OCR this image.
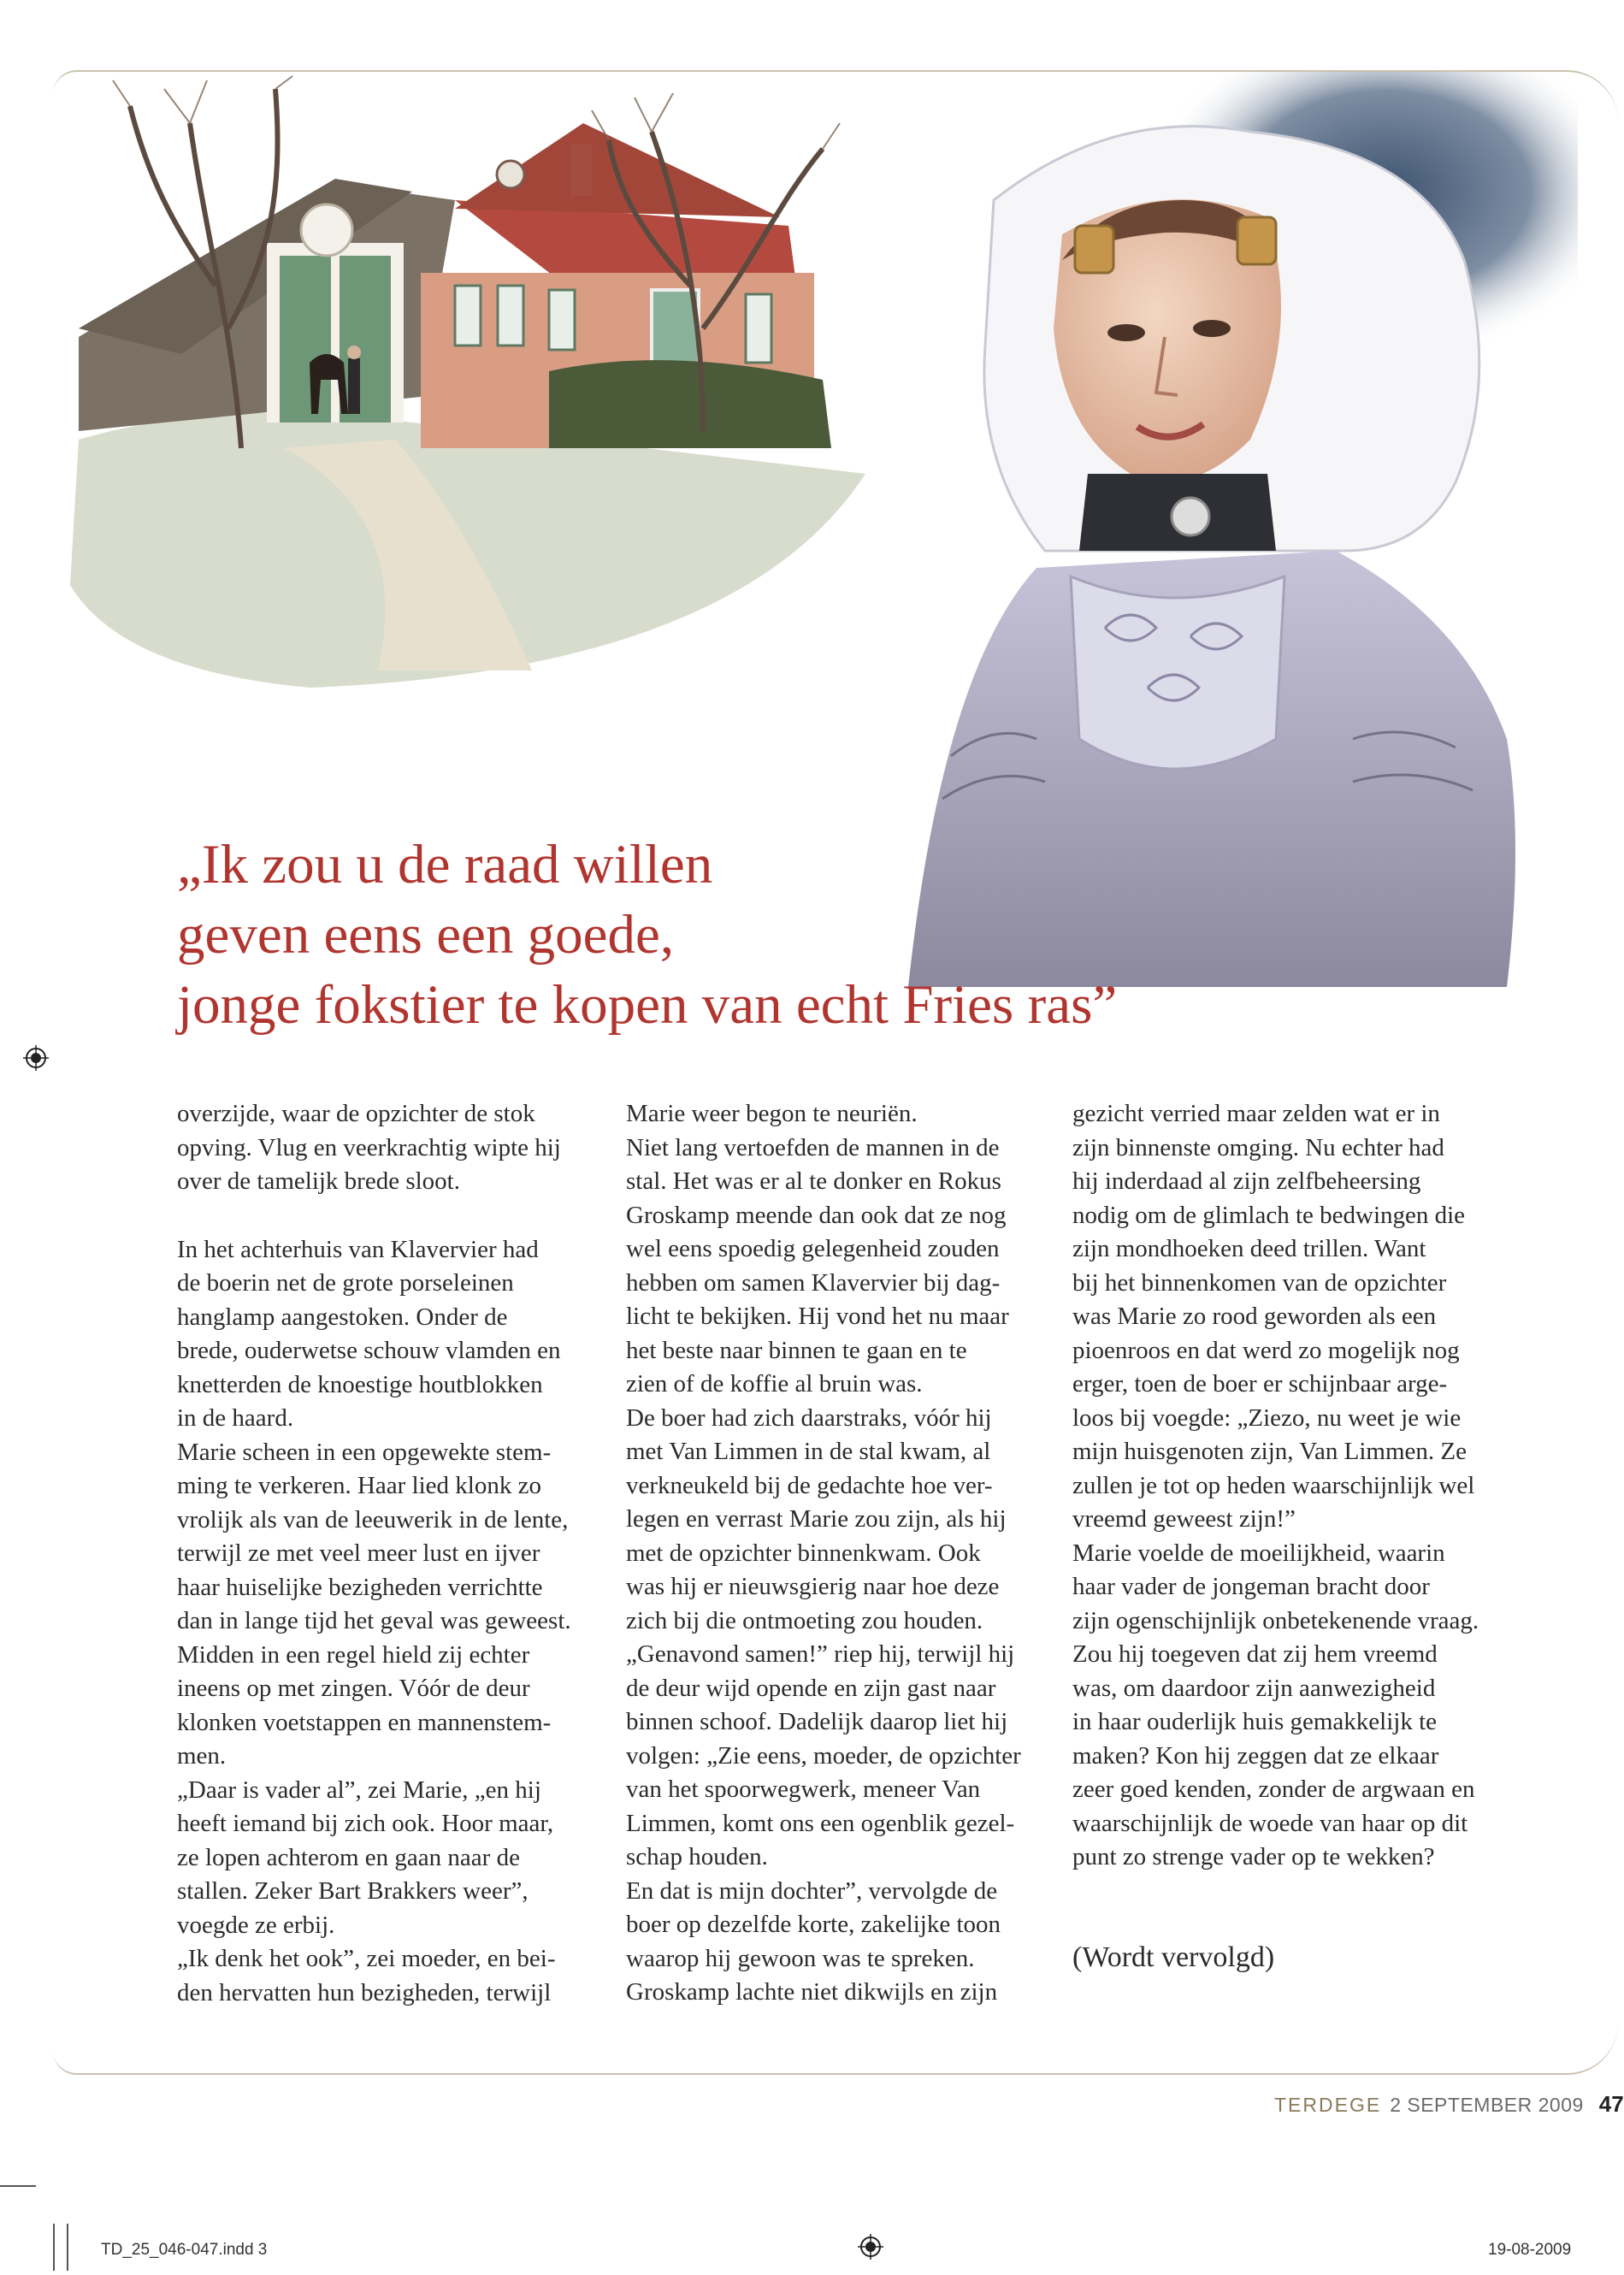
„Ik zou u de raad willen
geven eens een goede,
jonge fokstier te kopen van echt Fries ras”

overzijde, waar de opzichter de stok

opving. Vlug en veerkrachtig wipte hij

over de tamelijk brede sloot.

In het achterhuis van Klavervier had

de boerin net de grote porseleinen

hanglamp aangestoken. Onder de

brede, ouderwetse schouw vlamden en

knetterden de knoestige houtblokken

in de haard.

Marie scheen in een opgewekte stem-

ming te verkeren. Haar lied klonk zo

vrolijk als van de leeuwerik in de lente,

terwijl ze met veel meer lust en ijver

haar huiselijke bezigheden verrichtte

dan in lange tijd het geval was geweest.

Midden in een regel hield zij echter

ineens op met zingen. Vóór de deur

klonken voetstappen en mannenstem-

men.

„Daar is vader al”, zei Marie, „en hij

heeft iemand bij zich ook. Hoor maar,

ze lopen achterom en gaan naar de

stallen. Zeker Bart Brakkers weer”,

voegde ze erbij.

„Ik denk het ook”, zei moeder, en bei-

den hervatten hun bezigheden, terwijl

Marie weer begon te neuriën.

Niet lang vertoefden de mannen in de

stal. Het was er al te donker en Rokus

Groskamp meende dan ook dat ze nog

wel eens spoedig gelegenheid zouden

hebben om samen Klavervier bij dag-

licht te bekijken. Hij vond het nu maar

het beste naar binnen te gaan en te

zien of de koffie al bruin was.

De boer had zich daarstraks, vóór hij

met Van Limmen in de stal kwam, al

verkneukeld bij de gedachte hoe ver-

legen en verrast Marie zou zijn, als hij

met de opzichter binnenkwam. Ook

was hij er nieuwsgierig naar hoe deze

zich bij die ontmoeting zou houden.

„Genavond samen!” riep hij, terwijl hij

de deur wijd opende en zijn gast naar

binnen schoof. Dadelijk daarop liet hij

volgen: „Zie eens, moeder, de opzichter

van het spoorwegwerk, meneer Van

Limmen, komt ons een ogenblik gezel-

schap houden.

En dat is mijn dochter”, vervolgde de

boer op dezelfde korte, zakelijke toon

waarop hij gewoon was te spreken.

Groskamp lachte niet dikwijls en zijn

gezicht verried maar zelden wat er in

zijn binnenste omging. Nu echter had

hij inderdaad al zijn zelfbeheersing

nodig om de glimlach te bedwingen die

zijn mondhoeken deed trillen. Want

bij het binnenkomen van de opzichter

was Marie zo rood geworden als een

pioenroos en dat werd zo mogelijk nog

erger, toen de boer er schijnbaar arge-

loos bij voegde: „Ziezo, nu weet je wie

mijn huisgenoten zijn, Van Limmen. Ze

zullen je tot op heden waarschijnlijk wel

vreemd geweest zijn!”

Marie voelde de moeilijkheid, waarin

haar vader de jongeman bracht door

zijn ogenschijnlijk onbetekenende vraag.

Zou hij toegeven dat zij hem vreemd

was, om daardoor zijn aanwezigheid

in haar ouderlijk huis gemakkelijk te

maken? Kon hij zeggen dat ze elkaar

zeer goed kenden, zonder de argwaan en

waarschijnlijk de woede van haar op dit

punt zo strenge vader op te wekken?

(Wordt vervolgd)

TERDEGE 2 SEPTEMBER 2009 47
TD_25_046-047.indd 3	19-08-2009
